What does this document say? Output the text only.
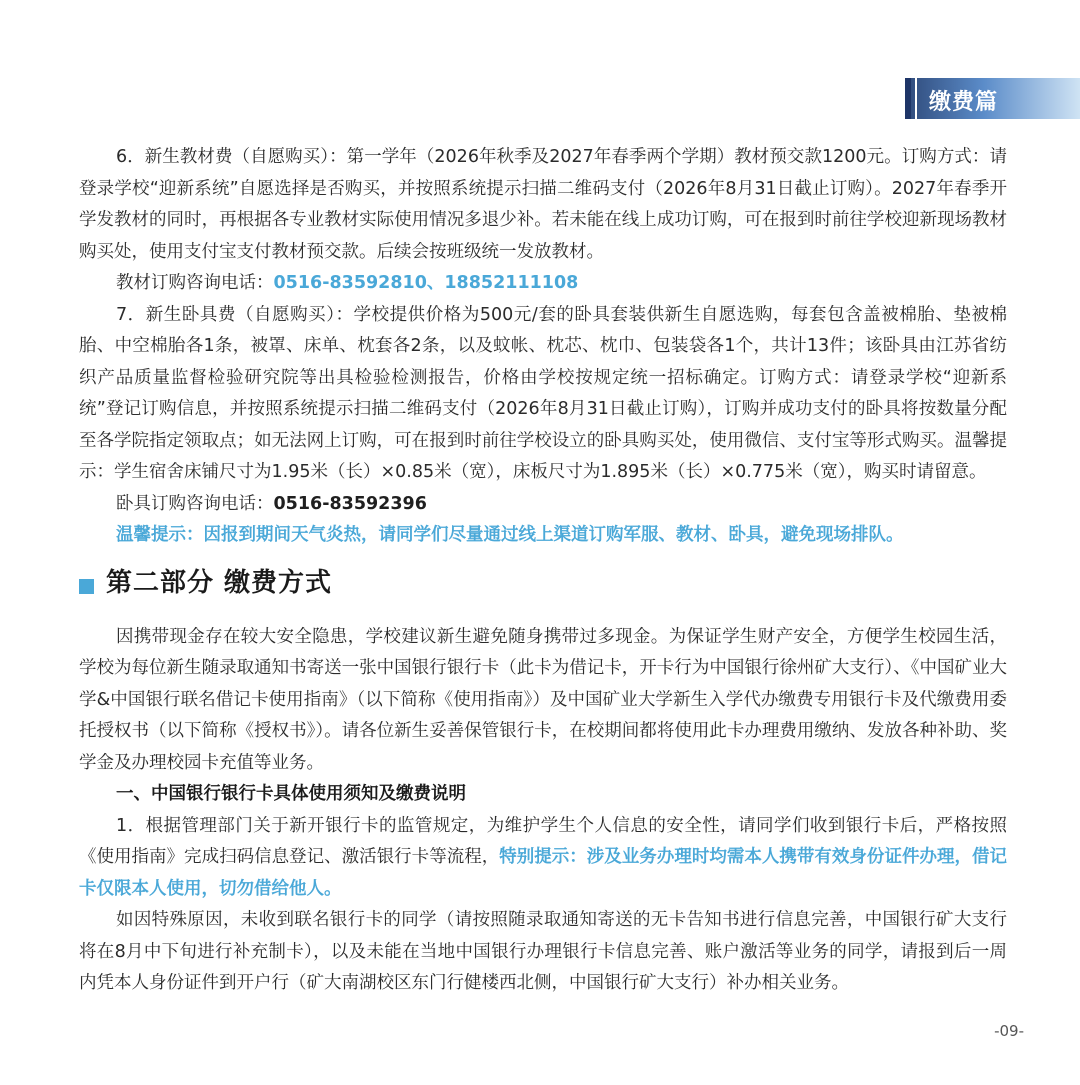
缴费篇

6．新生教材费（自愿购买）：第一学年（2026年秋季及2027年春季两个学期）教材预交款1200元。订购方式：请登录学校“迎新系统”自愿选择是否购买，并按照系统提示扫描二维码支付（2026年8月31日截止订购）。2027年春季开学发教材的同时，再根据各专业教材实际使用情况多退少补。若未能在线上成功订购，可在报到时前往学校迎新现场教材购买处，使用支付宝支付教材预交款。后续会按班级统一发放教材。

教材订购咨询电话：0516-83592810、18852111108

7．新生卧具费（自愿购买）：学校提供价格为500元/套的卧具套装供新生自愿选购，每套包含盖被棉胎、垫被棉胎、中空棉胎各1条，被罩、床单、枕套各2条，以及蚊帐、枕芯、枕巾、包装袋各1个，共计13件；该卧具由江苏省纺织产品质量监督检验研究院等出具检验检测报告，价格由学校按规定统一招标确定。订购方式：请登录学校“迎新系统”登记订购信息，并按照系统提示扫描二维码支付（2026年8月31日截止订购），订购并成功支付的卧具将按数量分配至各学院指定领取点；如无法网上订购，可在报到时前往学校设立的卧具购买处，使用微信、支付宝等形式购买。温馨提示：学生宿舍床铺尺寸为1.95米（长）×0.85米（宽），床板尺寸为1.895米（长）×0.775米（宽），购买时请留意。

卧具订购咨询电话：0516-83592396

温馨提示：因报到期间天气炎热，请同学们尽量通过线上渠道订购军服、教材、卧具，避免现场排队。

第二部分 缴费方式

因携带现金存在较大安全隐患，学校建议新生避免随身携带过多现金。为保证学生财产安全，方便学生校园生活，学校为每位新生随录取通知书寄送一张中国银行银行卡（此卡为借记卡，开卡行为中国银行徐州矿大支行）、《中国矿业大学&中国银行联名借记卡使用指南》（以下简称《使用指南》）及中国矿业大学新生入学代办缴费专用银行卡及代缴费用委托授权书（以下简称《授权书》）。请各位新生妥善保管银行卡，在校期间都将使用此卡办理费用缴纳、发放各种补助、奖学金及办理校园卡充值等业务。

一、中国银行银行卡具体使用须知及缴费说明

1．根据管理部门关于新开银行卡的监管规定，为维护学生个人信息的安全性，请同学们收到银行卡后，严格按照《使用指南》完成扫码信息登记、激活银行卡等流程，特别提示：涉及业务办理时均需本人携带有效身份证件办理，借记卡仅限本人使用，切勿借给他人。

如因特殊原因，未收到联名银行卡的同学（请按照随录取通知寄送的无卡告知书进行信息完善，中国银行矿大支行将在8月中下旬进行补充制卡），以及未能在当地中国银行办理银行卡信息完善、账户激活等业务的同学，请报到后一周内凭本人身份证件到开户行（矿大南湖校区东门行健楼西北侧，中国银行矿大支行）补办相关业务。

-09-
